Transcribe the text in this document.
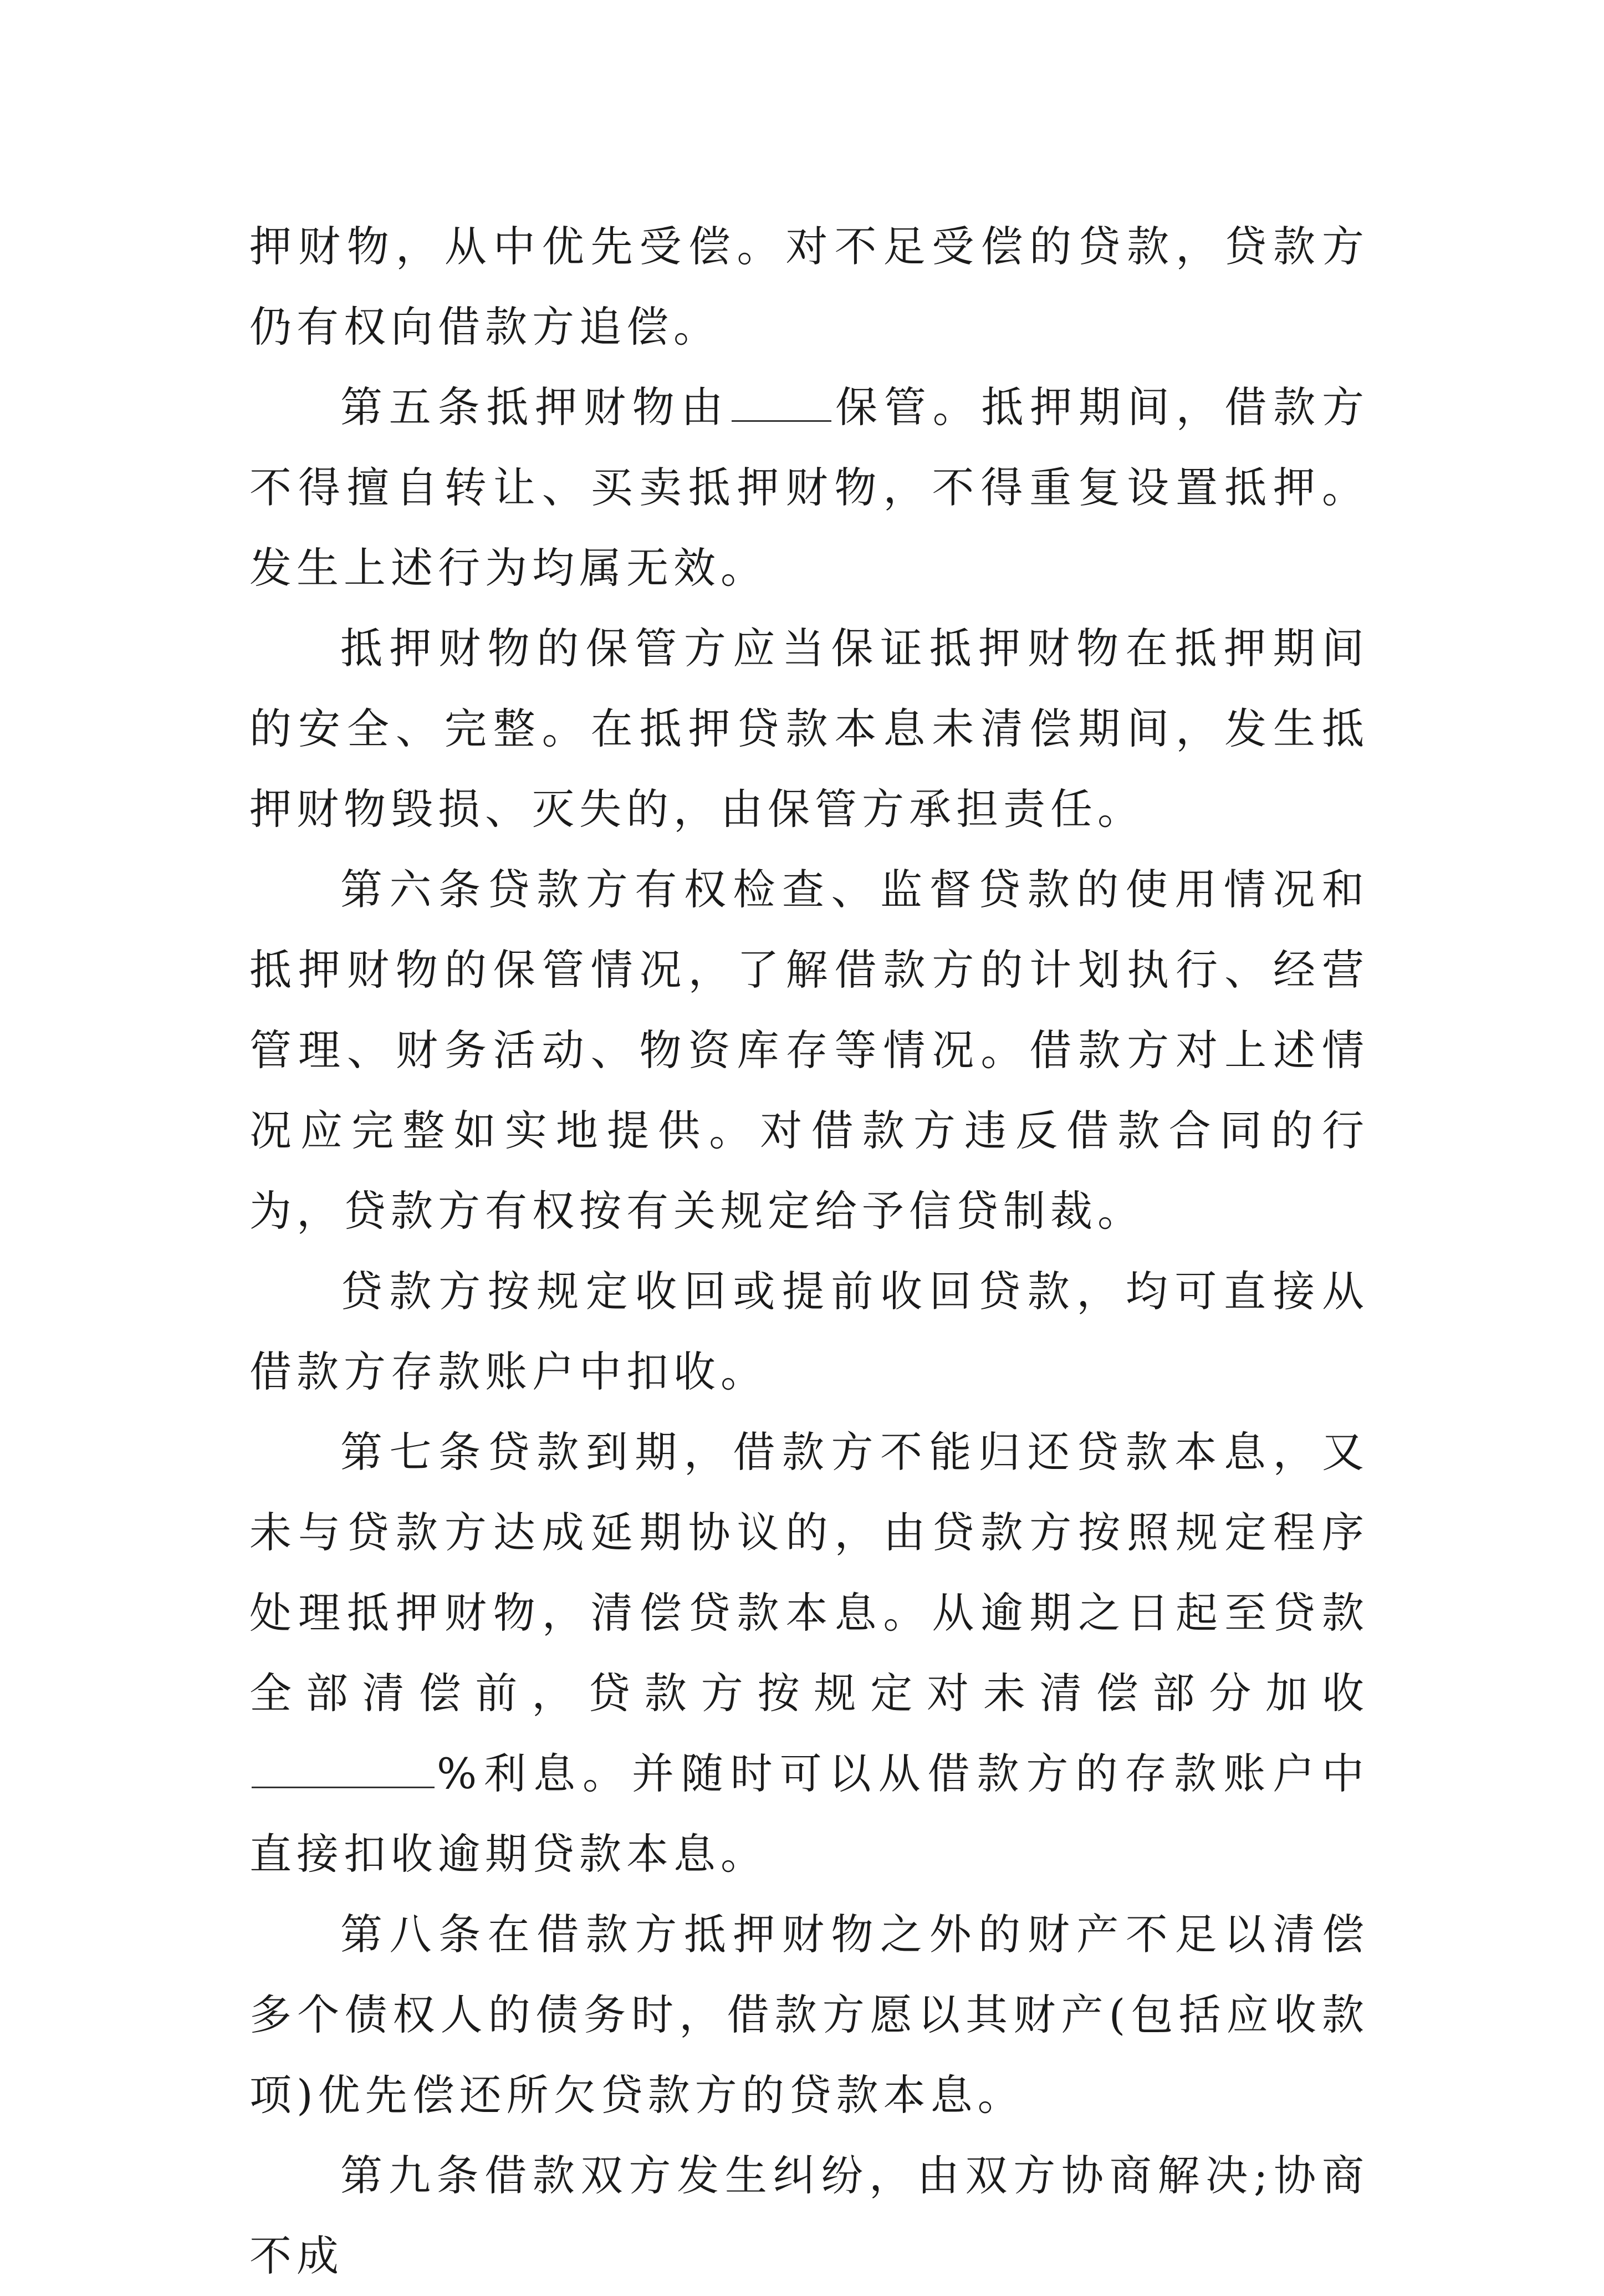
押财物，从中优先受偿。对不足受偿的贷款，贷款方仍有权向借款方追偿。

第五条抵押财物由 保管。抵押期间，借款方不得擅自转让、买卖抵押财物，不得重复设置抵押。发生上述行为均属无效。

抵押财物的保管方应当保证抵押财物在抵押期间的安全、完整。在抵押贷款本息未清偿期间，发生抵押财物毁损、灭失的，由保管方承担责任。

第六条贷款方有权检查、监督贷款的使用情况和抵押财物的保管情况，了解借款方的计划执行、经营管理、财务活动、物资库存等情况。借款方对上述情况应完整如实地提供。对借款方违反借款合同的行为，贷款方有权按有关规定给予信贷制裁。

贷款方按规定收回或提前收回贷款，均可直接从借款方存款账户中扣收。

第七条贷款到期，借款方不能归还贷款本息，又未与贷款方达成延期协议的，由贷款方按照规定程序处理抵押财物，清偿贷款本息。从逾期之日起至贷款全部清偿前，贷款方按规定对未清偿部分加收%利息。并随时可以从借款方的存款账户中直接扣收逾期贷款本息。

第八条在借款方抵押财物之外的财产不足以清偿多个债权人的债务时，借款方愿以其财产(包括应收款项)优先偿还所欠贷款方的贷款本息。

第九条借款双方发生纠纷，由双方协商解决;协商不成
